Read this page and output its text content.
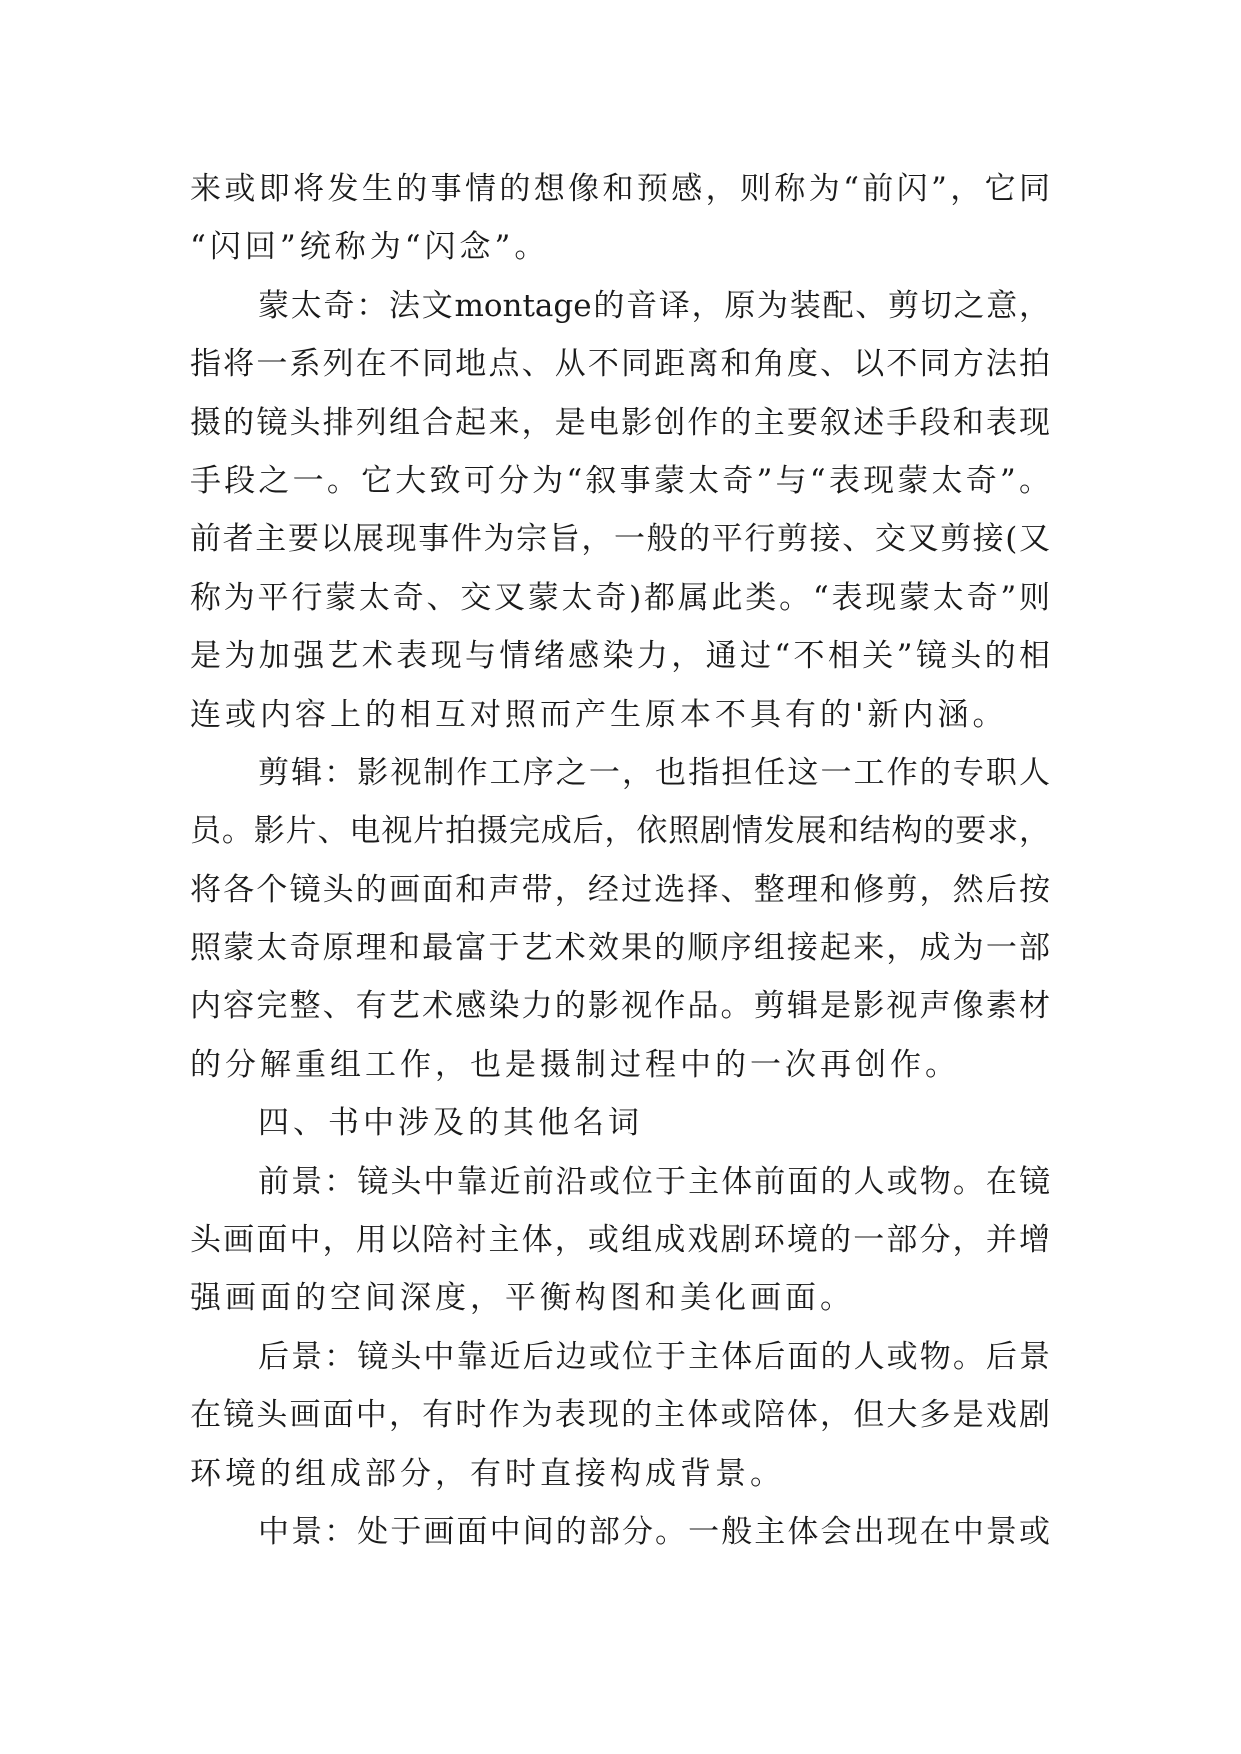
来或即将发生的事情的想像和预感，则称为“前闪”，它同
“闪回”统称为“闪念”。
蒙太奇：法文montage的音译，原为装配、剪切之意，
指将一系列在不同地点、从不同距离和角度、以不同方法拍
摄的镜头排列组合起来，是电影创作的主要叙述手段和表现
手段之一。它大致可分为“叙事蒙太奇”与“表现蒙太奇”。
前者主要以展现事件为宗旨，一般的平行剪接、交叉剪接(又
称为平行蒙太奇、交叉蒙太奇)都属此类。“表现蒙太奇”则
是为加强艺术表现与情绪感染力，通过“不相关”镜头的相
连或内容上的相互对照而产生原本不具有的'新内涵。
剪辑：影视制作工序之一，也指担任这一工作的专职人
员。影片、电视片拍摄完成后，依照剧情发展和结构的要求，
将各个镜头的画面和声带，经过选择、整理和修剪，然后按
照蒙太奇原理和最富于艺术效果的顺序组接起来，成为一部
内容完整、有艺术感染力的影视作品。剪辑是影视声像素材
的分解重组工作，也是摄制过程中的一次再创作。
四、书中涉及的其他名词
前景：镜头中靠近前沿或位于主体前面的人或物。在镜
头画面中，用以陪衬主体，或组成戏剧环境的一部分，并增
强画面的空间深度，平衡构图和美化画面。
后景：镜头中靠近后边或位于主体后面的人或物。后景
在镜头画面中，有时作为表现的主体或陪体，但大多是戏剧
环境的组成部分，有时直接构成背景。
中景：处于画面中间的部分。一般主体会出现在中景或
